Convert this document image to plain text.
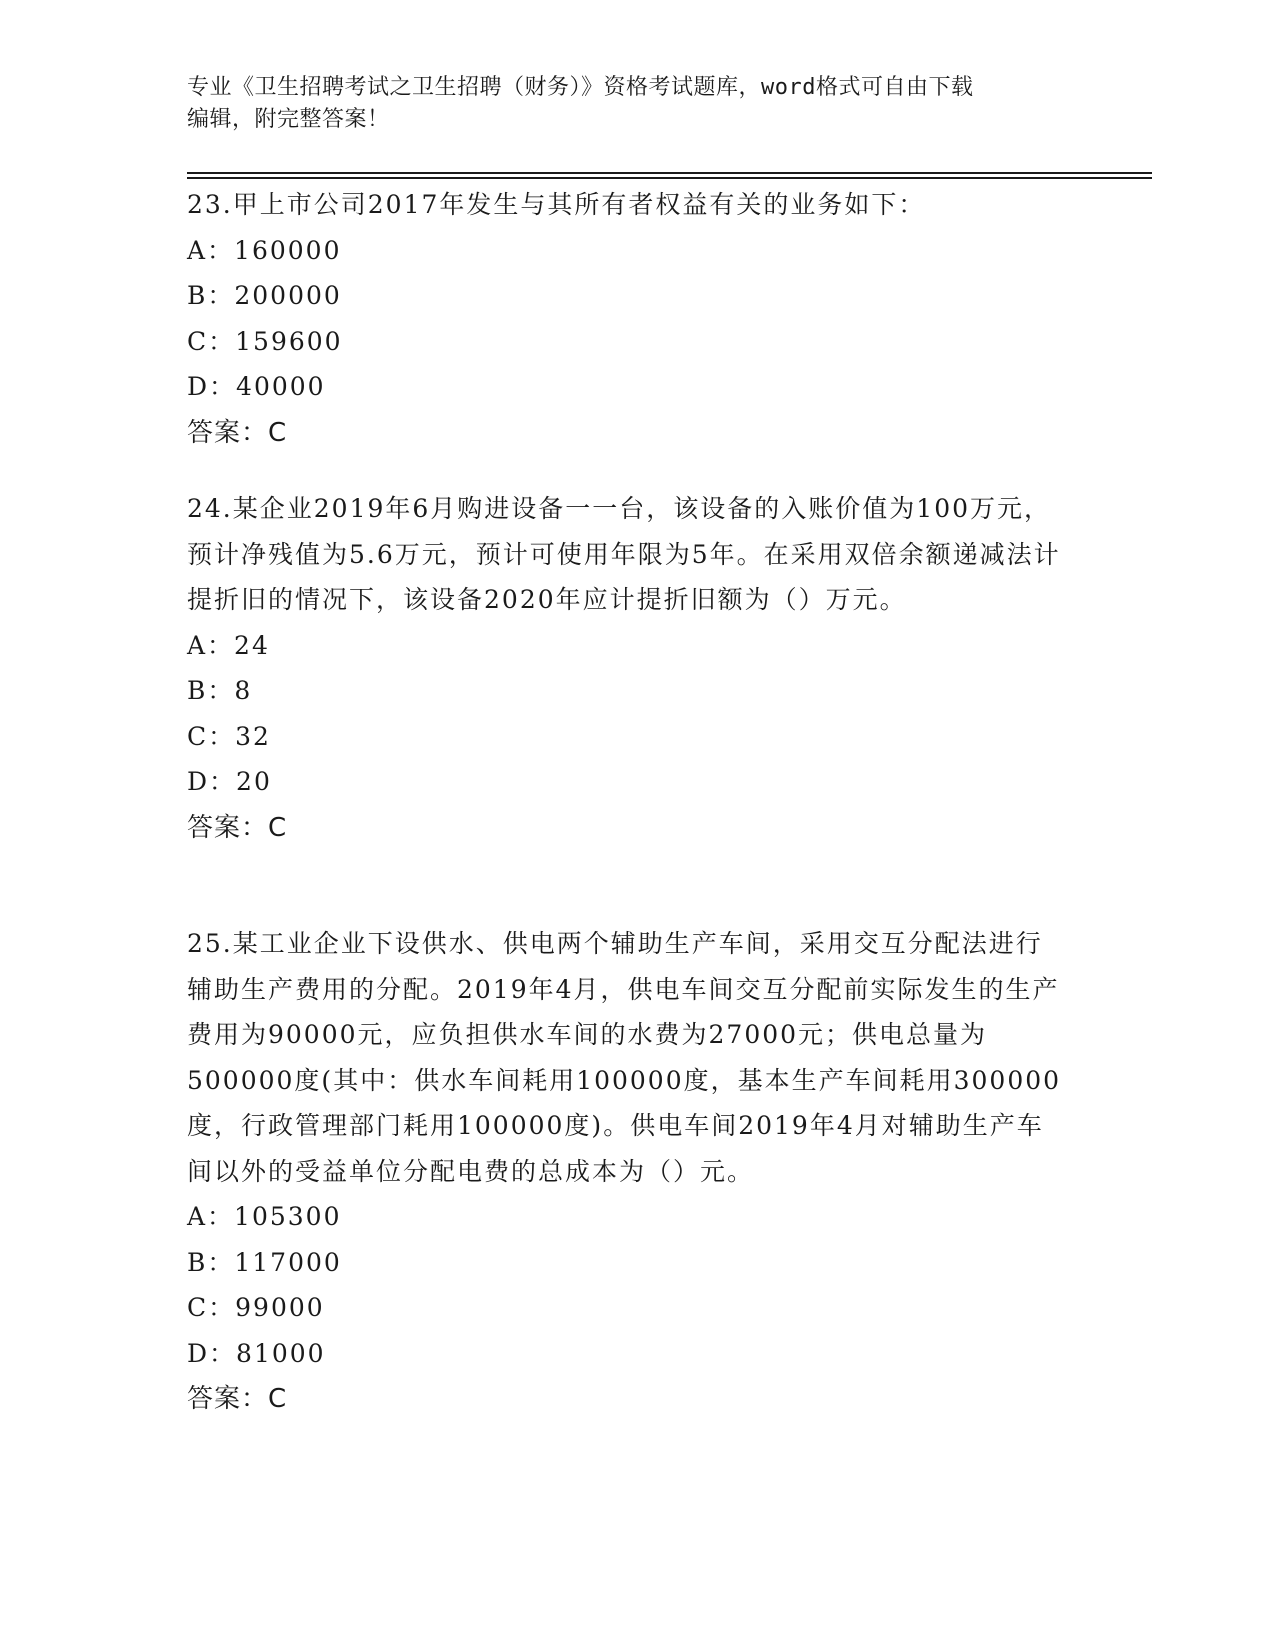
专业《卫生招聘考试之卫生招聘（财务）》资格考试题库，word格式可自由下载
编辑，附完整答案！
23.甲上市公司2017年发生与其所有者权益有关的业务如下：
A：160000
B：200000
C：159600
D：40000
答案：C
24.某企业2019年6月购进设备一一台，该设备的入账价值为100万元，预计净残值为5.6万元，预计可使用年限为5年。在采用双倍余额递减法计提折旧的情况下，该设备2020年应计提折旧额为（）万元。
A：24
B：8
C：32
D：20
答案：C
25.某工业企业下设供水、供电两个辅助生产车间，采用交互分配法进行辅助生产费用的分配。2019年4月，供电车间交互分配前实际发生的生产费用为90000元，应负担供水车间的水费为27000元；供电总量为500000度(其中：供水车间耗用100000度，基本生产车间耗用300000度，行政管理部门耗用100000度)。供电车间2019年4月对辅助生产车间以外的受益单位分配电费的总成本为（）元。
A：105300
B：117000
C：99000
D：81000
答案：C
